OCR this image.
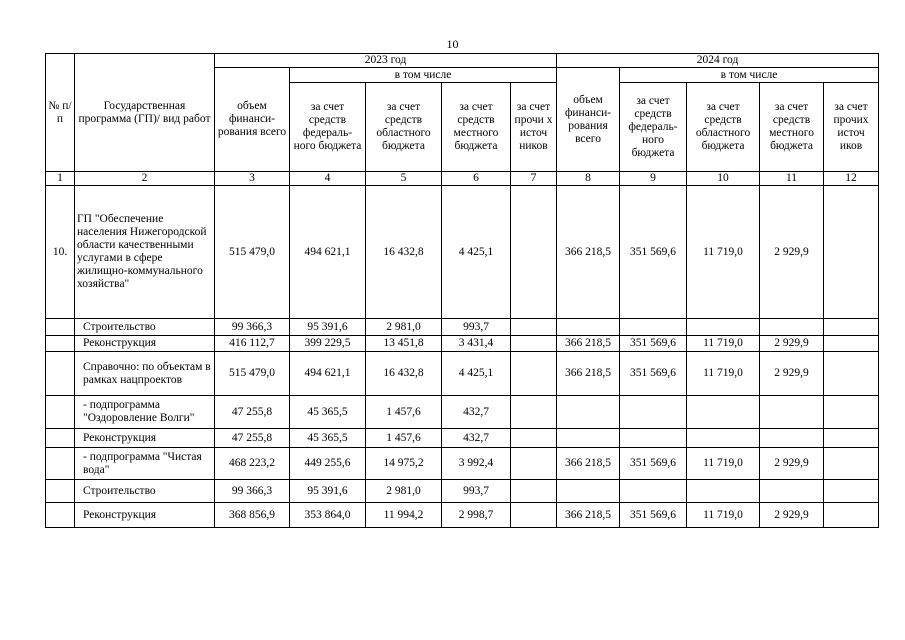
10
№ п/ п	Государственная программа (ГП)/ вид работ	2023 год					2024 год				
		объем финанси-рования всего	в том числе				объем финанси-рования всего	в том числе			
			за счет средств федераль-ного бюджета	за счет средств областного бюджета	за счет средств местного бюджета	за счет прочи х источ ников		за счет средств федераль-ного бюджета	за счет средств областного бюджета	за счет средств местного бюджета	за счет прочих источ иков
1	2	3	4	5	6	7	8	9	10	11	12
10.	ГП "Обеспечение населения Нижегородской области качественными услугами в сфере жилищно-коммунального хозяйства"	515 479,0	494 621,1	16 432,8	4 425,1		366 218,5	351 569,6	11 719,0	2 929,9	
	Строительство	99 366,3	95 391,6	2 981,0	993,7						
	Реконструкция	416 112,7	399 229,5	13 451,8	3 431,4		366 218,5	351 569,6	11 719,0	2 929,9	
	Справочно: по объектам в рамках нацпроектов	515 479,0	494 621,1	16 432,8	4 425,1		366 218,5	351 569,6	11 719,0	2 929,9	
	- подпрограмма "Оздоровление Волги"	47 255,8	45 365,5	1 457,6	432,7						
	Реконструкция	47 255,8	45 365,5	1 457,6	432,7						
	- подпрограмма "Чистая вода"	468 223,2	449 255,6	14 975,2	3 992,4		366 218,5	351 569,6	11 719,0	2 929,9	
	Строительство	99 366,3	95 391,6	2 981,0	993,7						
	Реконструкция	368 856,9	353 864,0	11 994,2	2 998,7		366 218,5	351 569,6	11 719,0	2 929,9	
